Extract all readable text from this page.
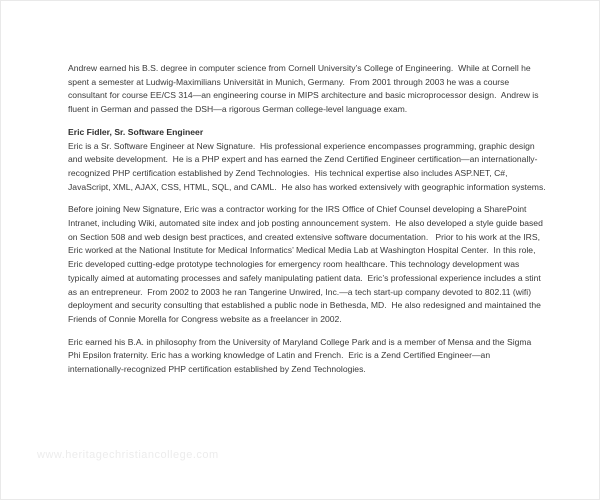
Andrew earned his B.S. degree in computer science from Cornell University’s College of Engineering.  While at Cornell he spent a semester at Ludwig-Maximilians Universität in Munich, Germany.  From 2001 through 2003 he was a course consultant for course EE/CS 314—an engineering course in MIPS architecture and basic microprocessor design.  Andrew is fluent in German and passed the DSH—a rigorous German college-level language exam.

Eric Fidler, Sr. Software Engineer

Eric is a Sr. Software Engineer at New Signature.  His professional experience encompasses programming, graphic design and website development.  He is a PHP expert and has earned the Zend Certified Engineer certification—an internationally-recognized PHP certification established by Zend Technologies.  His technical expertise also includes ASP.NET, C#, JavaScript, XML, AJAX, CSS, HTML, SQL, and CAML.  He also has worked extensively with geographic information systems.

Before joining New Signature, Eric was a contractor working for the IRS Office of Chief Counsel developing a SharePoint Intranet, including Wiki, automated site index and job posting announcement system.  He also developed a style guide based on Section 508 and web design best practices, and created extensive software documentation.   Prior to his work at the IRS, Eric worked at the National Institute for Medical Informatics’ Medical Media Lab at Washington Hospital Center.  In this role, Eric developed cutting-edge prototype technologies for emergency room healthcare. This technology development was typically aimed at automating processes and safely manipulating patient data.  Eric’s professional experience includes a stint as an entrepreneur.  From 2002 to 2003 he ran Tangerine Unwired, Inc.—a tech start-up company devoted to 802.11 (wifi) deployment and security consulting that established a public node in Bethesda, MD.  He also redesigned and maintained the Friends of Connie Morella for Congress website as a freelancer in 2002.

Eric earned his B.A. in philosophy from the University of Maryland College Park and is a member of Mensa and the Sigma Phi Epsilon fraternity. Eric has a working knowledge of Latin and French.  Eric is a Zend Certified Engineer—an internationally-recognized PHP certification established by Zend Technologies.

www.heritagechristiancollege.com
